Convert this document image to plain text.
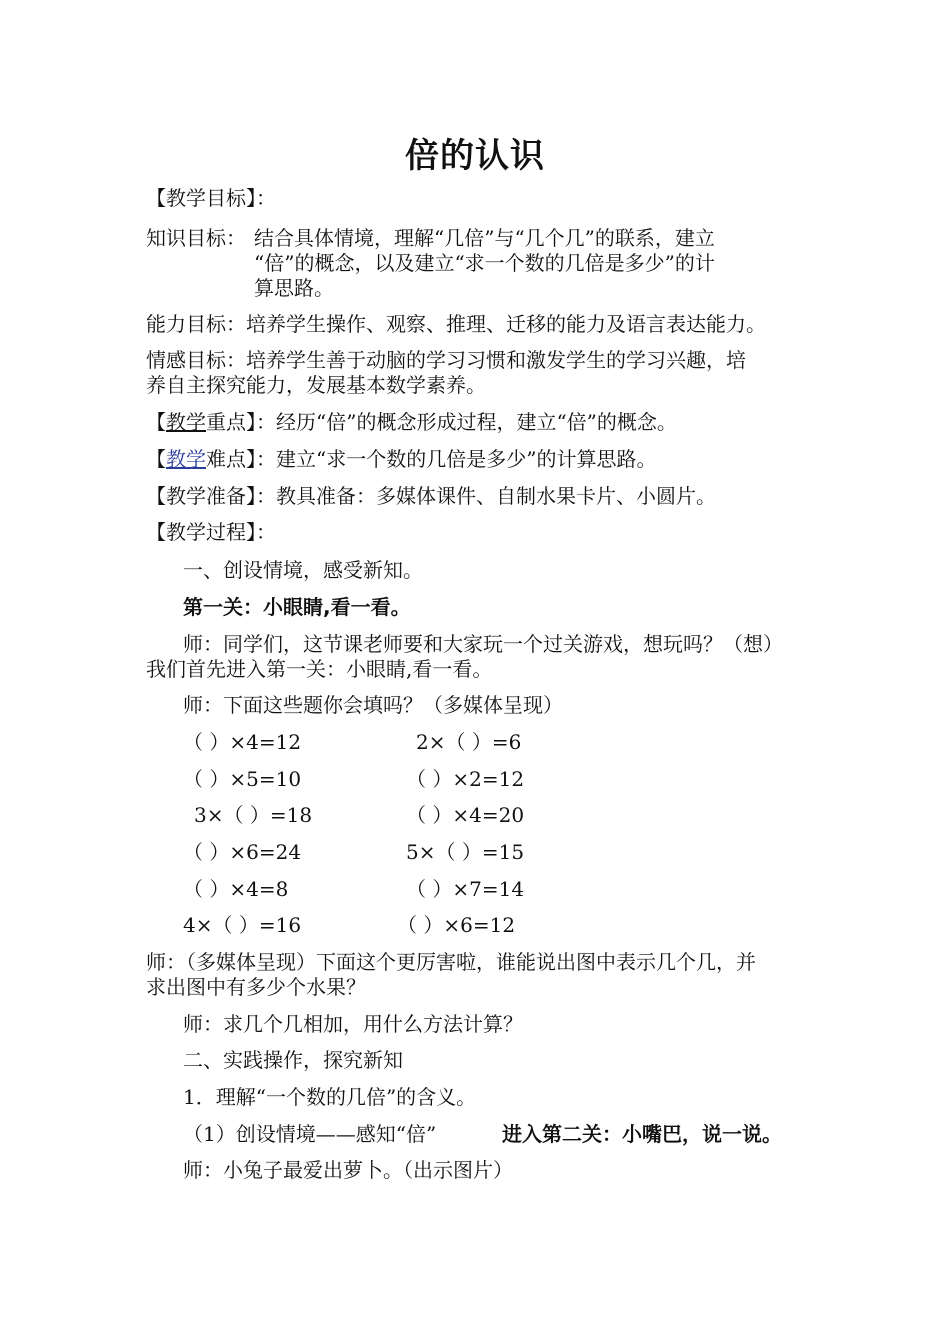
倍的认识
【教学目标】：
知识目标： 结合具体情境，理解“几倍”与“几个几”的联系，建立
“倍”的概念，以及建立“求一个数的几倍是多少”的计
算思路。
能力目标：培养学生操作、观察、推理、迁移的能力及语言表达能力。
情感目标：培养学生善于动脑的学习习惯和激发学生的学习兴趣，培
养自主探究能力，发展基本数学素养。
【教学重点】：经历“倍”的概念形成过程，建立“倍”的概念。
【教学难点】：建立“求一个数的几倍是多少”的计算思路。
【教学准备】：教具准备：多媒体课件、自制水果卡片、小圆片。
【教学过程】：
一、创设情境，感受新知。
第一关：小眼睛,看一看。
师：同学们，这节课老师要和大家玩一个过关游戏，想玩吗？（想）
我们首先进入第一关：小眼睛,看一看。
师：下面这些题你会填吗？（多媒体呈现）
（ ）×4=12	2×（ ）=6
（ ）×5=10	（ ）×2=12
3×（ ）=18	（ ）×4=20
（ ）×6=24	5×（ ）=15
（ ）×4=8	（ ）×7=14
4×（ ）=16	（ ）×6=12
师：（多媒体呈现）下面这个更厉害啦，谁能说出图中表示几个几，并
求出图中有多少个水果？
师：求几个几相加，用什么方法计算？
二、实践操作，探究新知
1．理解“一个数的几倍”的含义。
（1）创设情境——感知“倍”	进入第二关：小嘴巴，说一说。
师：小兔子最爱出萝卜。（出示图片）
